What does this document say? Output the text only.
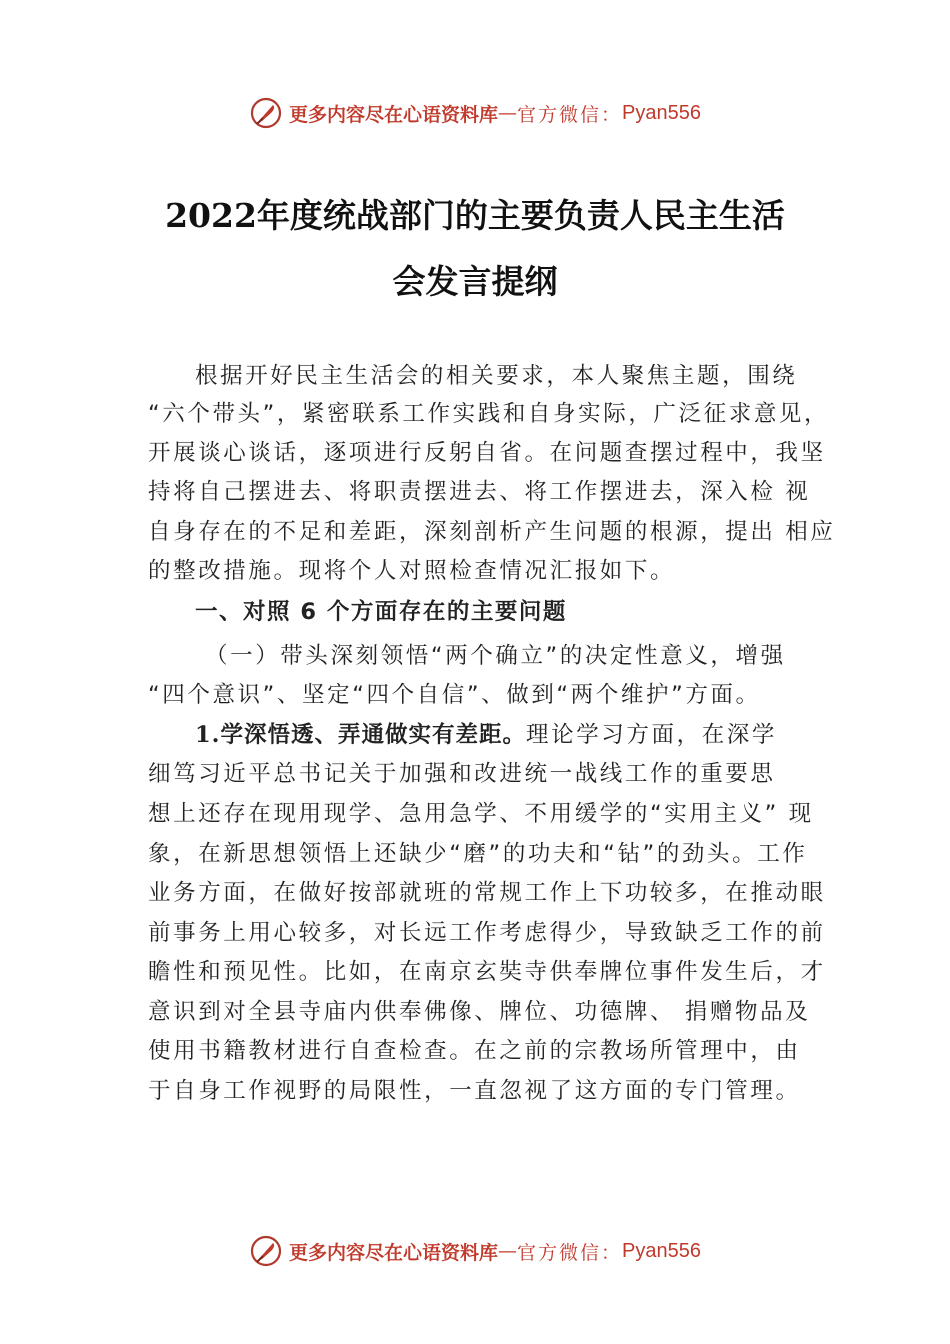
更多内容尽在心语资料库 — 官方微信： Pyan556
2022年度统战部门的主要负责人民主生活
会发言提纲
根据开好民主生活会的相关要求，本人聚焦主题，围绕
“六个带头”，紧密联系工作实践和自身实际，广泛征求意见，
开展谈心谈话，逐项进行反躬自省。在问题查摆过程中，我坚
持将自己摆进去、将职责摆进去、将工作摆进去，深入检 视
自身存在的不足和差距，深刻剖析产生问题的根源，提出 相应
的整改措施。现将个人对照检查情况汇报如下。
一、对照 6 个方面存在的主要问题
（一）带头深刻领悟“两个确立”的决定性意义，增强
“四个意识”、坚定“四个自信”、做到“两个维护”方面。
1.学深悟透、弄通做实有差距。理论学习方面，在深学
细笃习近平总书记关于加强和改进统一战线工作的重要思
想上还存在现用现学、急用急学、不用缓学的“实用主义” 现
象，在新思想领悟上还缺少“磨”的功夫和“钻”的劲头。工作
业务方面，在做好按部就班的常规工作上下功较多，在推动眼
前事务上用心较多，对长远工作考虑得少，导致缺乏工作的前
瞻性和预见性。比如，在南京玄奘寺供奉牌位事件发生后，才
意识到对全县寺庙内供奉佛像、牌位、功德牌、 捐赠物品及
使用书籍教材进行自查检查。在之前的宗教场所管理中，由
于自身工作视野的局限性，一直忽视了这方面的专门管理。
更多内容尽在心语资料库 — 官方微信： Pyan556
